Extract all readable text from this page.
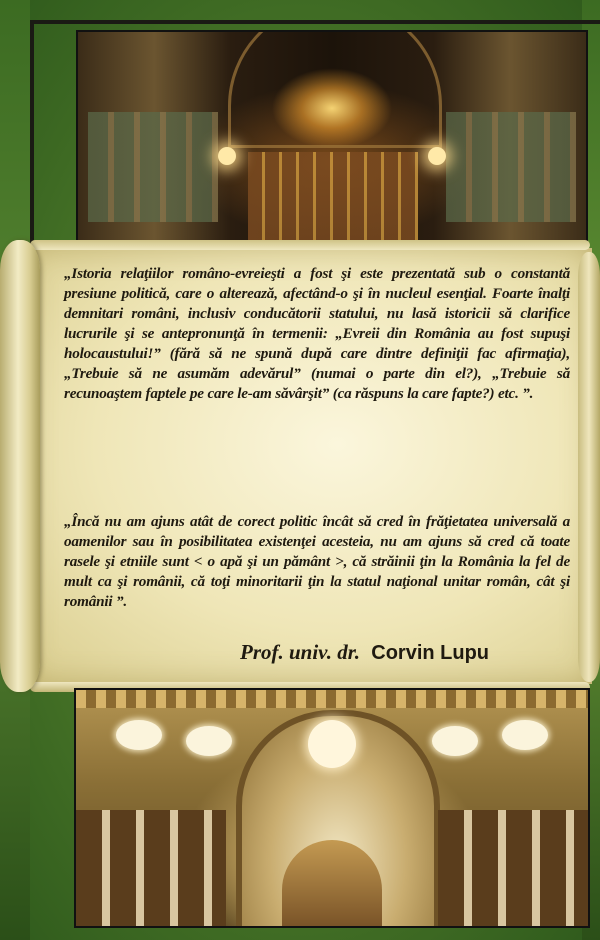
„Istoria relaţiilor româno-evreieşti a fost şi este prezentată sub o constantă presiune politică, care o alterează, afectând-o şi în nucleul esenţial. Foarte înalţi demnitari români, inclusiv conducătorii statului, nu lasă istoricii să clarifice lucrurile şi se antepronunţă în termenii: „Evreii din România au fost supuşi holocaustului!” (fără să ne spună după care dintre definiţii fac afirmaţia), „Trebuie să ne asumăm adevărul” (numai o parte din el?), „Trebuie să recunoaştem faptele pe care le-am săvârşit” (ca răspuns la care fapte?) etc. ”.

„Încă nu am ajuns atât de corect politic încât să cred în frăţietatea universală a oamenilor sau în posibilitatea existenţei acesteia, nu am ajuns să cred că toate rasele şi etniile sunt < o apă şi un pământ >, că străinii ţin la România la fel de mult ca şi românii, că toţi minoritarii ţin la statul naţional unitar român, cât şi românii ”.

Prof. univ. dr. Corvin Lupu
